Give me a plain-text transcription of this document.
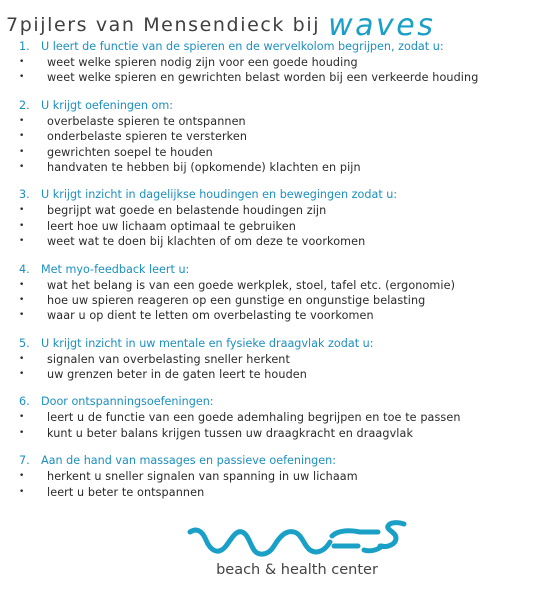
7pijlers van Mensendieck bij waves
1.	U leert de functie van de spieren en de wervelkolom begrijpen, zodat u:
•	weet welke spieren nodig zijn voor een goede houding
•	weet welke spieren en gewrichten belast worden bij een verkeerde houding
2.	U krijgt oefeningen om:
•	overbelaste spieren te ontspannen
•	onderbelaste spieren te versterken
•	gewrichten soepel te houden
•	handvaten te hebben bij (opkomende) klachten en pijn
3.	U krijgt inzicht in dagelijkse houdingen en bewegingen zodat u:
•	begrijpt wat goede en belastende houdingen zijn
•	leert hoe uw lichaam optimaal te gebruiken
•	weet wat te doen bij klachten of om deze te voorkomen
4.	Met myo-feedback leert u:
•	wat het belang is van een goede werkplek, stoel, tafel etc. (ergonomie)
•	hoe uw spieren reageren op een gunstige en ongunstige belasting
•	waar u op dient te letten om overbelasting te voorkomen
5.	U krijgt inzicht in uw mentale en fysieke draagvlak zodat u:
•	signalen van overbelasting sneller herkent
•	uw grenzen beter in de gaten leert te houden
6.	Door ontspanningsoefeningen:
•	leert u de functie van een goede ademhaling begrijpen en toe te passen
•	kunt u beter balans krijgen tussen uw draagkracht en draagvlak
7.	Aan de hand van massages en passieve oefeningen:
•	herkent u sneller signalen van spanning in uw lichaam
•	leert u beter te ontspannen
beach & health center
